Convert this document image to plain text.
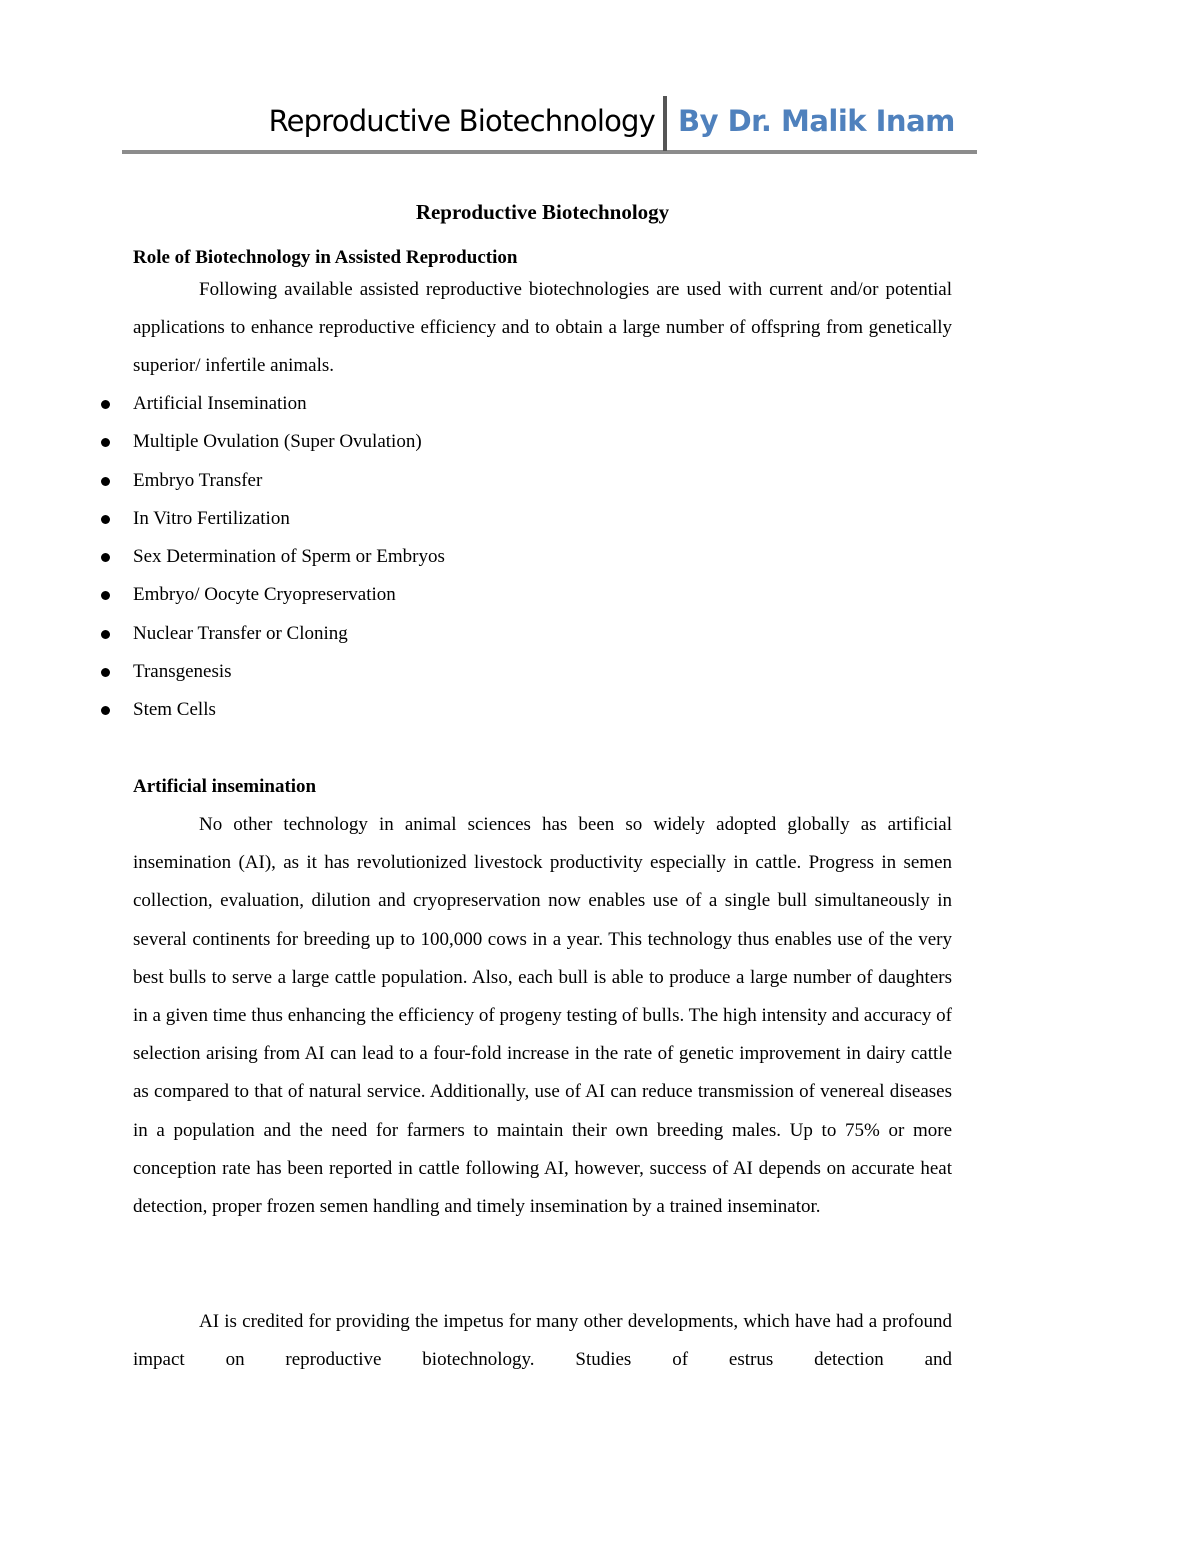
Reproductive Biotechnology By Dr. Malik Inam
Reproductive Biotechnology
Role of Biotechnology in Assisted Reproduction

Following available assisted reproductive biotechnologies are used with current and/or potential applications to enhance reproductive efficiency and to obtain a large number of offspring from genetically superior/ infertile animals.

Artificial Insemination
Multiple Ovulation (Super Ovulation)
Embryo Transfer
In Vitro Fertilization
Sex Determination of Sperm or Embryos
Embryo/ Oocyte Cryopreservation
Nuclear Transfer or Cloning
Transgenesis
Stem Cells
Artificial insemination

No other technology in animal sciences has been so widely adopted globally as artificial insemination (AI), as it has revolutionized livestock productivity especially in cattle. Progress in semen collection, evaluation, dilution and cryopreservation now enables use of a single bull simultaneously in several continents for breeding up to 100,000 cows in a year. This technology thus enables use of the very best bulls to serve a large cattle population. Also, each bull is able to produce a large number of daughters in a given time thus enhancing the efficiency of progeny testing of bulls. The high intensity and accuracy of selection arising from AI can lead to a four-fold increase in the rate of genetic improvement in dairy cattle as compared to that of natural service. Additionally, use of AI can reduce transmission of venereal diseases in a population and the need for farmers to maintain their own breeding males. Up to 75% or more conception rate has been reported in cattle following AI, however, success of AI depends on accurate heat detection, proper frozen semen handling and timely insemination by a trained inseminator.

AI is credited for providing the impetus for many other developments, which have had a profound impact on reproductive biotechnology. Studies of estrus detection and
